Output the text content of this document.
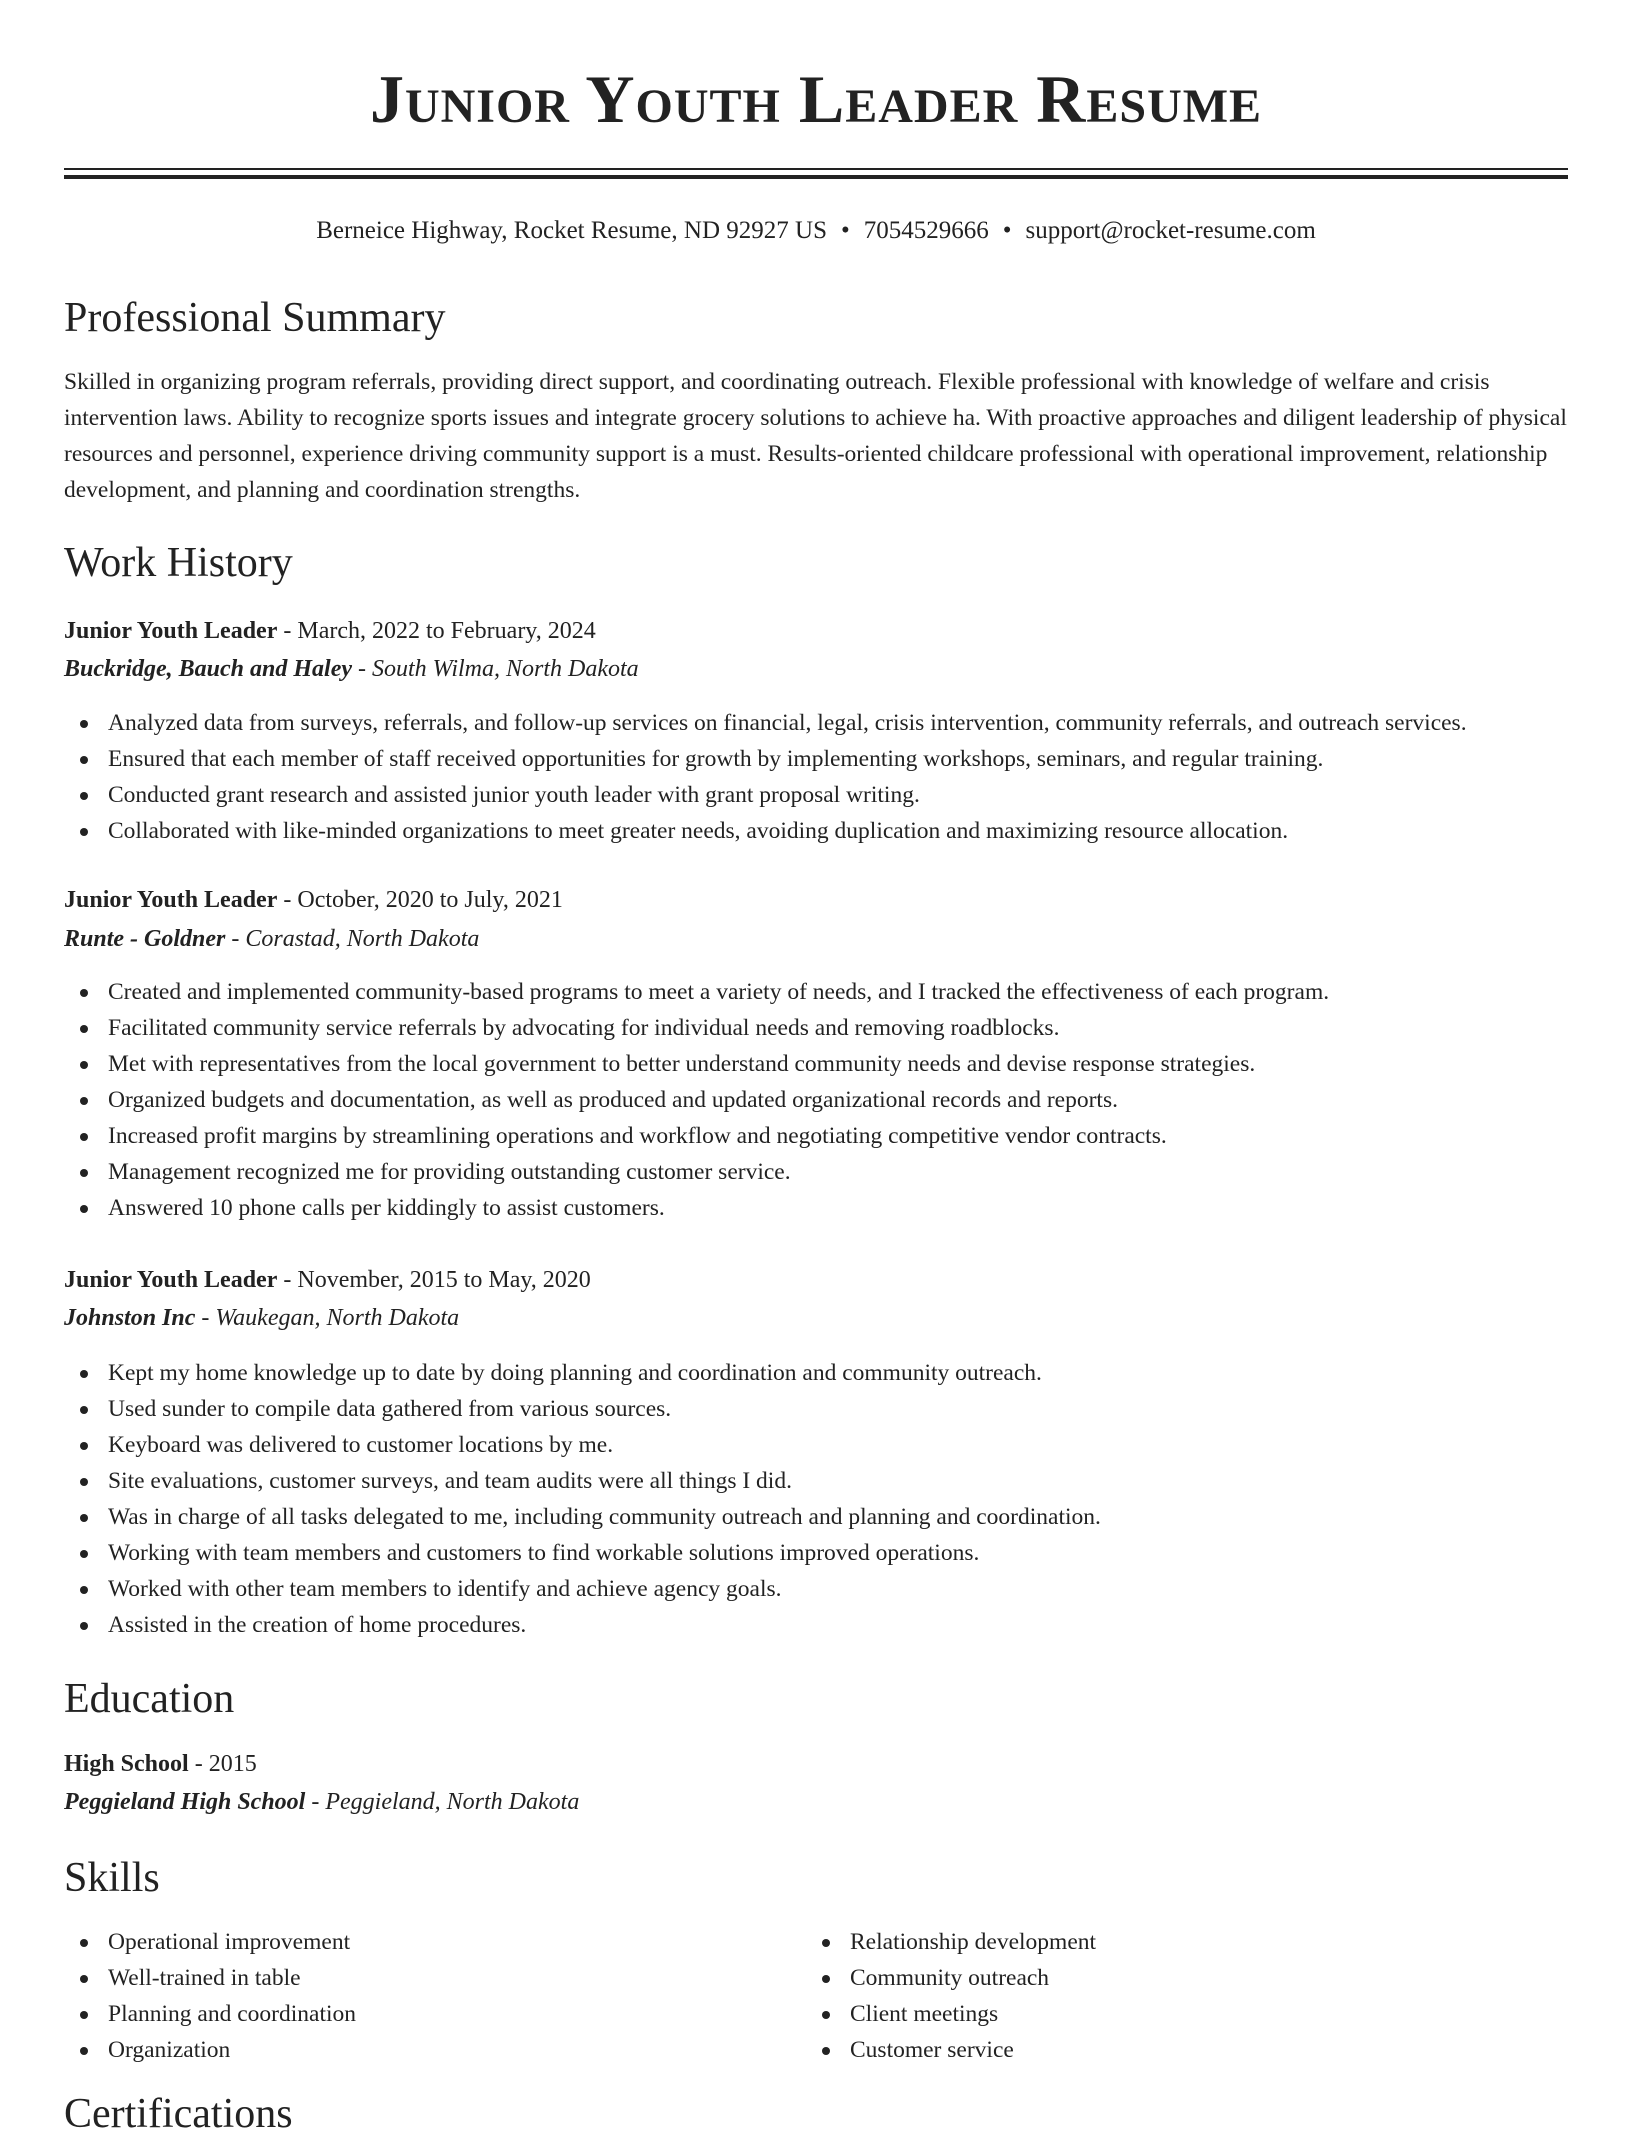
Junior Youth Leader Resume
Berneice Highway, Rocket Resume, ND 92927 US • 7054529666 • support@rocket-resume.com
Professional Summary

Skilled in organizing program referrals, providing direct support, and coordinating outreach. Flexible professional with knowledge of welfare and crisis intervention laws. Ability to recognize sports issues and integrate grocery solutions to achieve ha. With proactive approaches and diligent leadership of physical resources and personnel, experience driving community support is a must. Results-oriented childcare professional with operational improvement, relationship development, and planning and coordination strengths.

Work History
Junior Youth Leader - March, 2022 to February, 2024
Buckridge, Bauch and Haley - South Wilma, North Dakota
Analyzed data from surveys, referrals, and follow-up services on financial, legal, crisis intervention, community referrals, and outreach services.
Ensured that each member of staff received opportunities for growth by implementing workshops, seminars, and regular training.
Conducted grant research and assisted junior youth leader with grant proposal writing.
Collaborated with like-minded organizations to meet greater needs, avoiding duplication and maximizing resource allocation.
Junior Youth Leader - October, 2020 to July, 2021
Runte - Goldner - Corastad, North Dakota
Created and implemented community-based programs to meet a variety of needs, and I tracked the effectiveness of each program.
Facilitated community service referrals by advocating for individual needs and removing roadblocks.
Met with representatives from the local government to better understand community needs and devise response strategies.
Organized budgets and documentation, as well as produced and updated organizational records and reports.
Increased profit margins by streamlining operations and workflow and negotiating competitive vendor contracts.
Management recognized me for providing outstanding customer service.
Answered 10 phone calls per kiddingly to assist customers.
Junior Youth Leader - November, 2015 to May, 2020
Johnston Inc - Waukegan, North Dakota
Kept my home knowledge up to date by doing planning and coordination and community outreach.
Used sunder to compile data gathered from various sources.
Keyboard was delivered to customer locations by me.
Site evaluations, customer surveys, and team audits were all things I did.
Was in charge of all tasks delegated to me, including community outreach and planning and coordination.
Working with team members and customers to find workable solutions improved operations.
Worked with other team members to identify and achieve agency goals.
Assisted in the creation of home procedures.
Education
High School - 2015
Peggieland High School - Peggieland, North Dakota
Skills
Operational improvement
Well-trained in table
Planning and coordination
Organization
Relationship development
Community outreach
Client meetings
Customer service
Certifications
